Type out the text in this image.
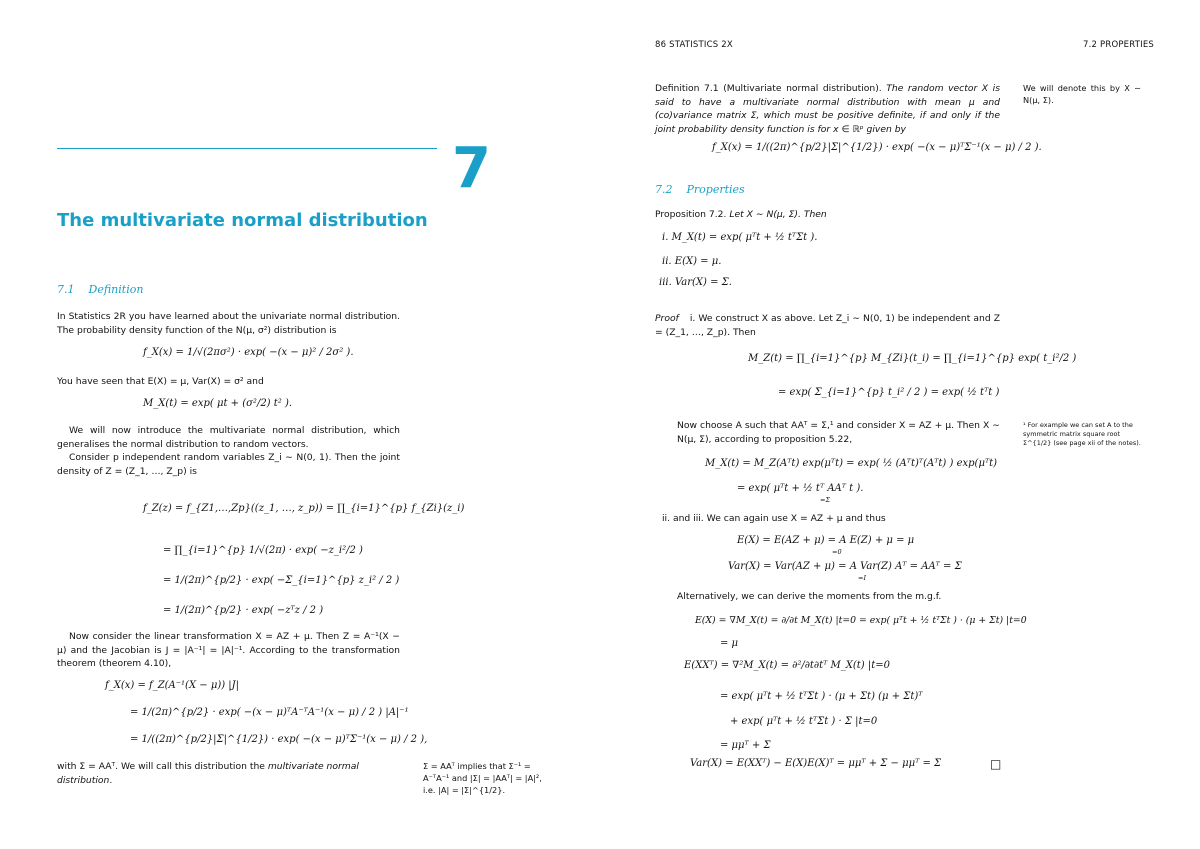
7
The multivariate normal distribution
7.1 Definition
In Statistics 2R you have learned about the univariate normal distribution. The probability density function of the N(μ, σ²) distribution is
f_X(x) = 1/√(2πσ²) · exp( −(x − μ)² / 2σ² ).
You have seen that E(X) = μ, Var(X) = σ² and
M_X(t) = exp( μt + (σ²/2) t² ).
We will now introduce the multivariate normal distribution, which generalises the normal distribution to random vectors.
Consider p independent random variables Z_i ∼ N(0, 1). Then the joint density of Z = (Z_1, …, Z_p) is
f_Z(z) = f_{Z1,…,Zp}((z_1, …, z_p)) = ∏_{i=1}^{p} f_{Zi}(z_i)
= ∏_{i=1}^{p} 1/√(2π) · exp( −z_i²/2 )
= 1/(2π)^{p/2} · exp( −Σ_{i=1}^{p} z_i² / 2 )
= 1/(2π)^{p/2} · exp( −zᵀz / 2 )
Now consider the linear transformation X = AZ + μ. Then Z = A⁻¹(X − μ) and the Jacobian is J = |A⁻¹| = |A|⁻¹. According to the transformation theorem (theorem 4.10),
f_X(x) = f_Z(A⁻¹(X − μ)) |J|
= 1/(2π)^{p/2} · exp( −(x − μ)ᵀA⁻ᵀA⁻¹(x − μ) / 2 ) |A|⁻¹
= 1/((2π)^{p/2}|Σ|^{1/2}) · exp( −(x − μ)ᵀΣ⁻¹(x − μ) / 2 ),
with Σ = AAᵀ. We will call this distribution the multivariate normal distribution.
Σ = AAᵀ implies that Σ⁻¹ = A⁻ᵀA⁻¹ and |Σ| = |AAᵀ| = |A|², i.e. |A| = |Σ|^{1/2}.
86 STATISTICS 2X	7.2 PROPERTIES
Definition 7.1 (Multivariate normal distribution). The random vector X is said to have a multivariate normal distribution with mean μ and (co)variance matrix Σ, which must be positive definite, if and only if the joint probability density function is for x ∈ ℝᵖ given by
f_X(x) = 1/((2π)^{p/2}|Σ|^{1/2}) · exp( −(x − μ)ᵀΣ⁻¹(x − μ) / 2 ).
We will denote this by X ∼ N(μ, Σ).
7.2 Properties
Proposition 7.2. Let X ∼ N(μ, Σ). Then
i. M_X(t) = exp( μᵀt + ½ tᵀΣt ).
ii. E(X) = μ.
iii. Var(X) = Σ.
Proof i. We construct X as above. Let Z_i ∼ N(0, 1) be independent and Z = (Z_1, …, Z_p). Then
M_Z(t) = ∏_{i=1}^{p} M_{Zi}(t_i) = ∏_{i=1}^{p} exp( t_i²/2 )
= exp( Σ_{i=1}^{p} t_i² / 2 ) = exp( ½ tᵀt )
Now choose A such that AAᵀ = Σ,¹ and consider X = AZ + μ. Then X ∼ N(μ, Σ), according to proposition 5.22,
¹ For example we can set A to the symmetric matrix square root Σ^{1/2} (see page xii of the notes).
M_X(t) = M_Z(Aᵀt) exp(μᵀt) = exp( ½ (Aᵀt)ᵀ(Aᵀt) ) exp(μᵀt)
= exp( μᵀt + ½ tᵀ AAᵀ t ).
=Σ
ii. and iii. We can again use X = AZ + μ and thus
E(X) = E(AZ + μ) = A E(Z) + μ = μ
=0
Var(X) = Var(AZ + μ) = A Var(Z) Aᵀ = AAᵀ = Σ
=I
Alternatively, we can derive the moments from the m.g.f.
E(X) = ∇M_X(t) = ∂/∂t M_X(t) |t=0 = exp( μᵀt + ½ tᵀΣt ) · (μ + Σt) |t=0
= μ
E(XXᵀ) = ∇²M_X(t) = ∂²/∂t∂tᵀ M_X(t) |t=0
= exp( μᵀt + ½ tᵀΣt ) · (μ + Σt) (μ + Σt)ᵀ
+ exp( μᵀt + ½ tᵀΣt ) · Σ |t=0
= μμᵀ + Σ
Var(X) = E(XXᵀ) − E(X)E(X)ᵀ = μμᵀ + Σ − μμᵀ = Σ	□
